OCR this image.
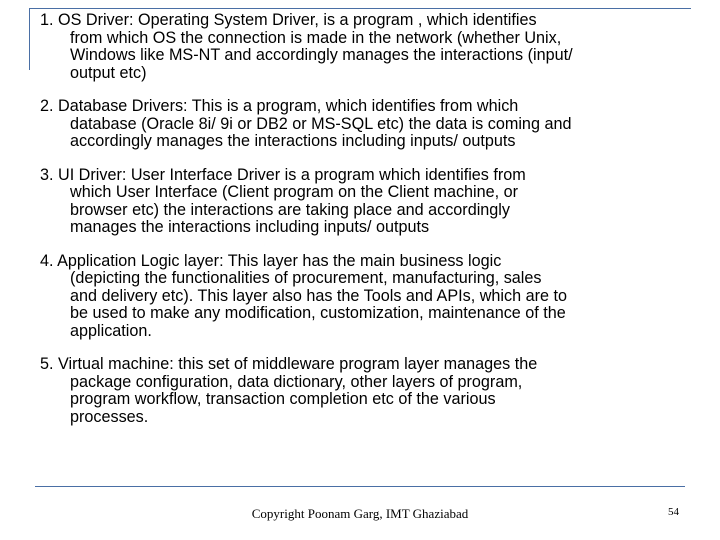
1. OS Driver: Operating System Driver, is a program , which identifies
from which OS the connection is made in the network (whether Unix,
Windows like MS-NT and accordingly manages the interactions (input/
output etc)

2. Database Drivers: This is a program, which identifies from which
database (Oracle 8i/ 9i or DB2 or MS-SQL etc) the data is coming and
accordingly manages the interactions including inputs/ outputs

3. UI Driver: User Interface Driver is a program which identifies from
which User Interface (Client program on the Client machine, or
browser etc) the interactions are taking place and accordingly
manages the interactions including inputs/ outputs

4. Application Logic layer: This layer has the main business logic
(depicting the functionalities of procurement, manufacturing, sales
and delivery etc). This layer also has the Tools and APIs, which are to
be used to make any modification, customization, maintenance of the
application.

5. Virtual machine: this set of middleware program layer manages the
package configuration, data dictionary, other layers of program,
program workflow, transaction completion etc of the various
processes.

Copyright Poonam Garg, IMT Ghaziabad	54
